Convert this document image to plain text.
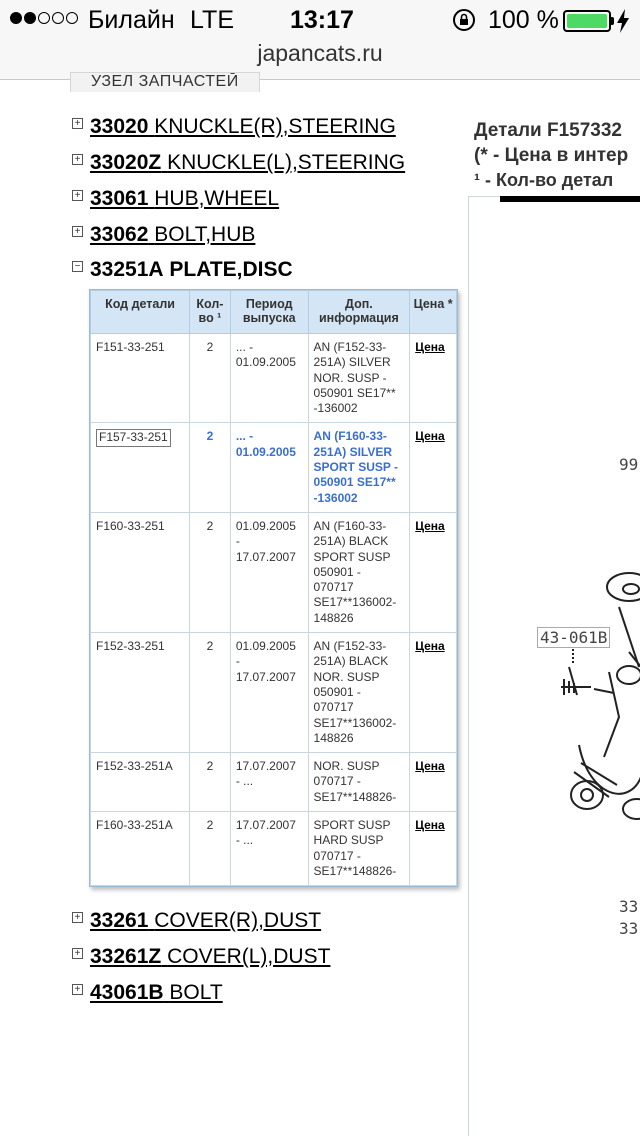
Билайн LTE 13:17	100 %
japancats.ru
УЗЕЛ ЗАПЧАСТЕЙ
+ 33020 KNUCKLE(R),STEERING
+ 33020Z KNUCKLE(L),STEERING
+ 33061 HUB,WHEEL
+ 33062 BOLT,HUB
− 33251A PLATE,DISC
Код детали	Кол-во ¹	Период выпуска	Доп. информация	Цена *
F151-33-251	2	... - 01.09.2005	AN (F152-33-251A) SILVER NOR. SUSP - 050901 SE17** -136002	Цена
F157-33-251	2	... - 01.09.2005	AN (F160-33-251A) SILVER SPORT SUSP - 050901 SE17** -136002	Цена
F160-33-251	2	01.09.2005 - 17.07.2007	AN (F160-33-251A) BLACK SPORT SUSP 050901 - 070717 SE17**136002-148826	Цена
F152-33-251	2	01.09.2005 - 17.07.2007	AN (F152-33-251A) BLACK NOR. SUSP 050901 - 070717 SE17**136002-148826	Цена
F152-33-251A	2	17.07.2007 - ...	NOR. SUSP 070717 - SE17**148826-	Цена
F160-33-251A	2	17.07.2007 - ...	SPORT SUSP HARD SUSP 070717 - SE17**148826-	Цена
+ 33261 COVER(R),DUST
+ 33261Z COVER(L),DUST
+ 43061B BOLT
Детали F157332
(* - Цена в интер
¹ - Кол-во детал
99
43-061B
33
33
